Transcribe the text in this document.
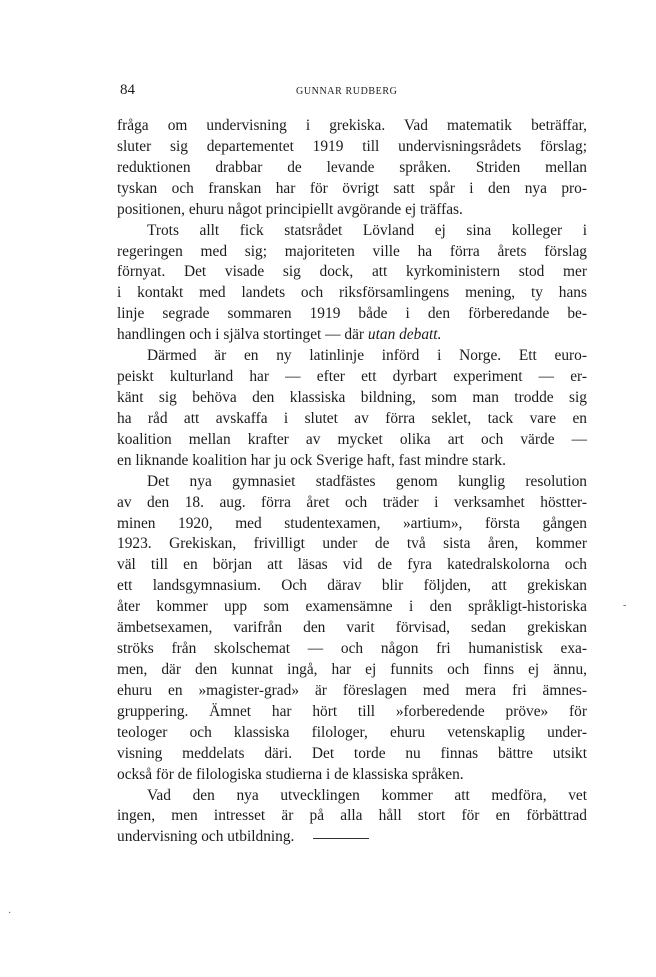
84	GUNNAR RUDBERG
fråga om undervisning i grekiska. Vad matematik beträffar,
sluter sig departementet 1919 till undervisningsrådets förslag;
reduktionen drabbar de levande språken. Striden mellan
tyskan och franskan har för övrigt satt spår i den nya pro-
positionen, ehuru något principiellt avgörande ej träffas.
Trots allt fick statsrådet Lövland ej sina kolleger i
regeringen med sig; majoriteten ville ha förra årets förslag
förnyat. Det visade sig dock, att kyrkoministern stod mer
i kontakt med landets och riksförsamlingens mening, ty hans
linje segrade sommaren 1919 både i den förberedande be-
handlingen och i själva stortinget — där utan debatt.
Därmed är en ny latinlinje införd i Norge. Ett euro-
peiskt kulturland har — efter ett dyrbart experiment — er-
känt sig behöva den klassiska bildning, som man trodde sig
ha råd att avskaffa i slutet av förra seklet, tack vare en
koalition mellan krafter av mycket olika art och värde —
en liknande koalition har ju ock Sverige haft, fast mindre stark.
Det nya gymnasiet stadfästes genom kunglig resolution
av den 18. aug. förra året och träder i verksamhet höstter-
minen 1920, med studentexamen, »artium», första gången
1923. Grekiskan, frivilligt under de två sista åren, kommer
väl till en början att läsas vid de fyra katedralskolorna och
ett landsgymnasium. Och därav blir följden, att grekiskan
åter kommer upp som examensämne i den språkligt-historiska
ämbetsexamen, varifrån den varit förvisad, sedan grekiskan
ströks från skolschemat — och någon fri humanistisk exa-
men, där den kunnat ingå, har ej funnits och finns ej ännu,
ehuru en »magister-grad» är föreslagen med mera fri ämnes-
gruppering. Ämnet har hört till »forberedende pröve» för
teologer och klassiska filologer, ehuru vetenskaplig under-
visning meddelats däri. Det torde nu finnas bättre utsikt
också för de filologiska studierna i de klassiska språken.
Vad den nya utvecklingen kommer att medföra, vet
ingen, men intresset är på alla håll stort för en förbättrad
undervisning och utbildning.
-
·
